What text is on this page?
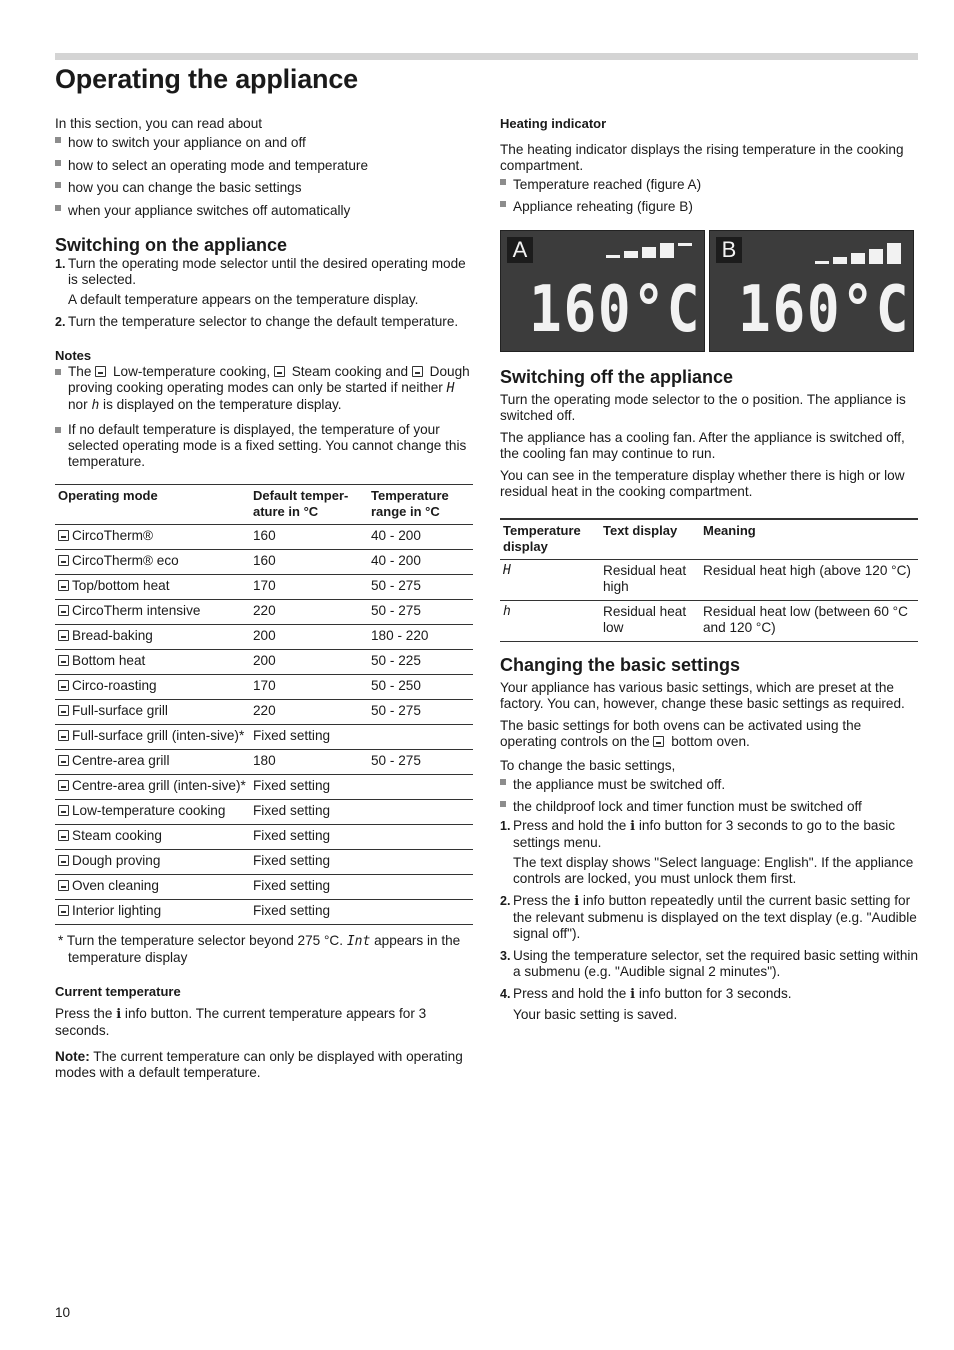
Operating the appliance

In this section, you can read about

how to switch your appliance on and off
how to select an operating mode and temperature
how you can change the basic settings
when your appliance switches off automatically
Switching on the appliance
1. Turn the operating mode selector until the desired operating mode is selected.
A default temperature appears on the temperature display.
2. Turn the temperature selector to change the default temperature.
Notes
The  Low-temperature cooking,  Steam cooking and  Dough proving cooking operating modes can only be started if neither H nor h is displayed on the temperature display.
If no default temperature is displayed, the temperature of your selected operating mode is a fixed setting. You cannot change this temperature.
Operating mode	Default temper-ature in °C	Temperature range in °C
CircoTherm®	160	40 - 200
CircoTherm® eco	160	40 - 200
Top/bottom heat	170	50 - 275
CircoTherm intensive	220	50 - 275
Bread-baking	200	180 - 220
Bottom heat	200	50 - 225
Circo-roasting	170	50 - 250
Full-surface grill	220	50 - 275
Full-surface grill (inten-sive)*	Fixed setting	
Centre-area grill	180	50 - 275
Centre-area grill (inten-sive)*	Fixed setting	
Low-temperature cooking	Fixed setting	
Steam cooking	Fixed setting	
Dough proving	Fixed setting	
Oven cleaning	Fixed setting	
Interior lighting	Fixed setting	

* Turn the temperature selector beyond 275 °C. Int appears in the temperature display

Current temperature

Press the i info button. The current temperature appears for 3 seconds.

Note: The current temperature can only be displayed with operating modes with a default temperature.

Heating indicator

The heating indicator displays the rising temperature in the cooking compartment.

Temperature reached (figure A)
Appliance reheating (figure B)
A
160°C
B
160°C
Switching off the appliance

Turn the operating mode selector to the o position. The appliance is switched off.

The appliance has a cooling fan. After the appliance is switched off, the cooling fan may continue to run.

You can see in the temperature display whether there is high or low residual heat in the cooking compartment.

Temperature display	Text display	Meaning
H	Residual heat high	Residual heat high (above 120 °C)
h	Residual heat low	Residual heat low (between 60 °C and 120 °C)
Changing the basic settings

Your appliance has various basic settings, which are preset at the factory. You can, however, change these basic settings as required.

The basic settings for both ovens can be activated using the operating controls on the  bottom oven.

To change the basic settings,

the appliance must be switched off.
the childproof lock and timer function must be switched off
1. Press and hold the i info button for 3 seconds to go to the basic settings menu.
The text display shows "Select language: English". If the appliance controls are locked, you must unlock them first.
2. Press the i info button repeatedly until the current basic setting for the relevant submenu is displayed on the text display (e.g. "Audible signal off").
3. Using the temperature selector, set the required basic setting within a submenu (e.g. "Audible signal 2 minutes").
4. Press and hold the i info button for 3 seconds.
Your basic setting is saved.
10
